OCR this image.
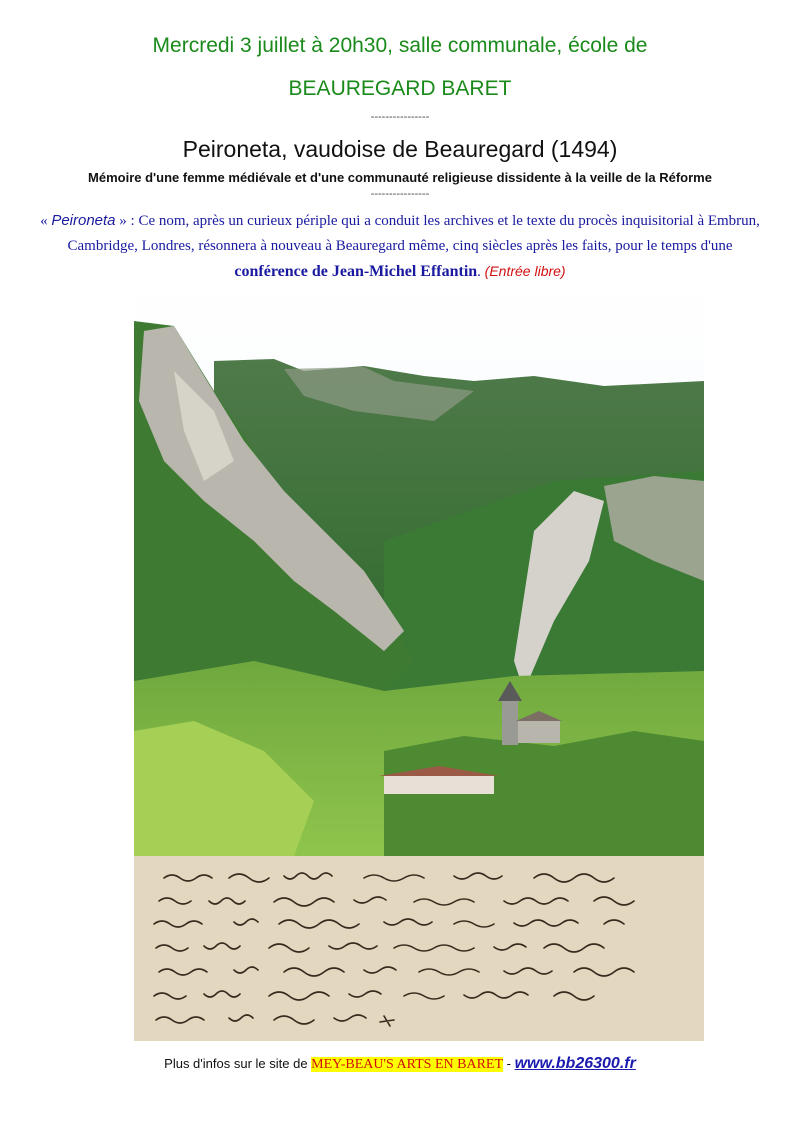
Mercredi 3 juillet à 20h30, salle communale, école de
BEAUREGARD BARET
----------------
Peironeta, vaudoise de Beauregard (1494)
Mémoire d'une femme médiévale et d'une communauté religieuse dissidente à la veille de la Réforme
----------------
« Peironeta » : Ce nom, après un curieux périple qui a conduit les archives et le texte du procès inquisitorial à Embrun, Cambridge, Londres, résonnera à nouveau à Beauregard même, cinq siècles après les faits, pour le temps d'une conférence de Jean-Michel Effantin. (Entrée libre)
Plus d'infos sur le site de MEY-BEAU'S ARTS EN BARET - www.bb26300.fr
